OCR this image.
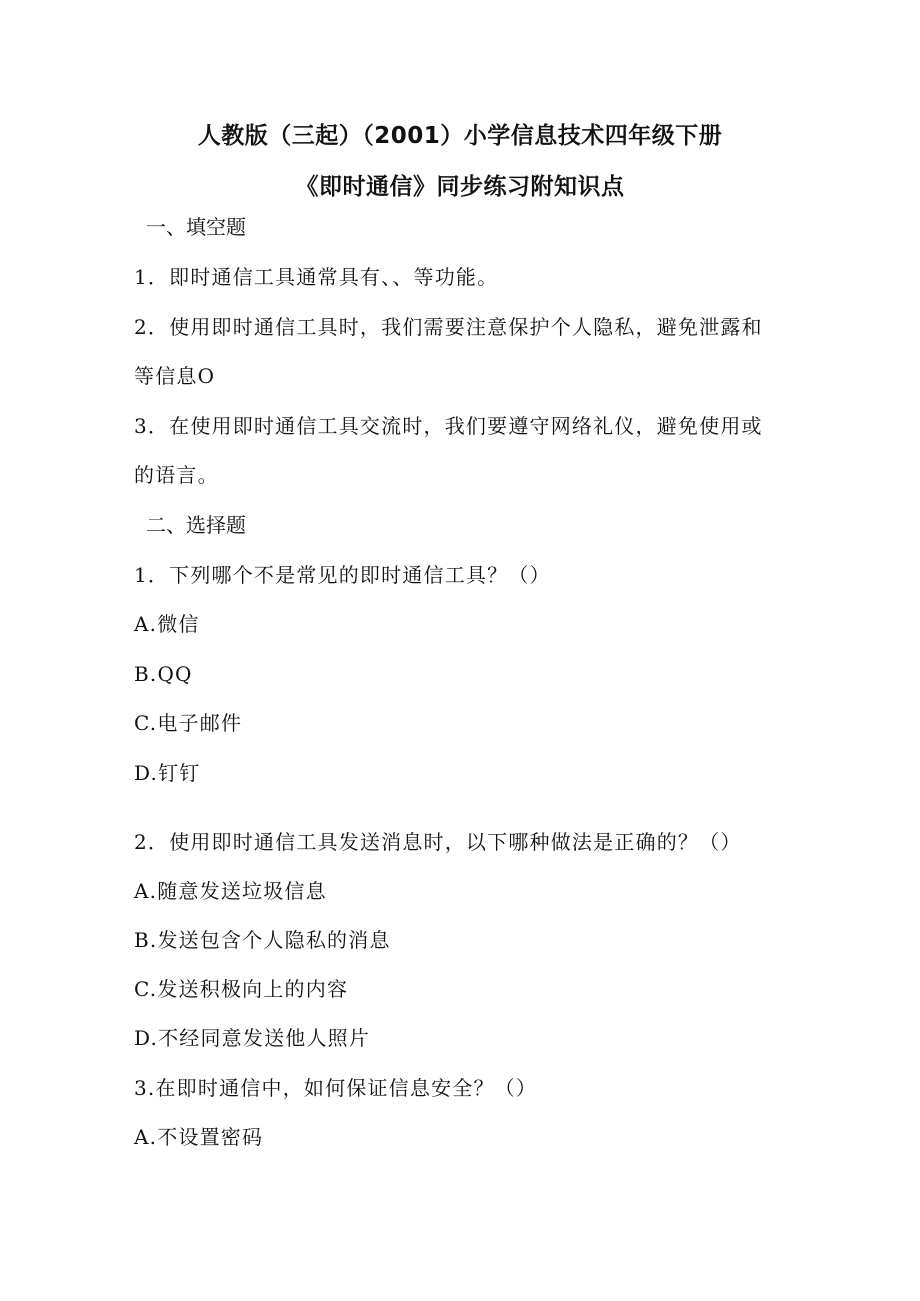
人教版（三起）（2001）小学信息技术四年级下册
《即时通信》同步练习附知识点
一、填空题
1．即时通信工具通常具有、、等功能。
2．使用即时通信工具时，我们需要注意保护个人隐私，避免泄露和
等信息O
3．在使用即时通信工具交流时，我们要遵守网络礼仪，避免使用或
的语言。
二、选择题
1．下列哪个不是常见的即时通信工具？（）
A.微信
B.QQ
C.电子邮件
D.钉钉
2．使用即时通信工具发送消息时，以下哪种做法是正确的？（）
A.随意发送垃圾信息
B.发送包含个人隐私的消息
C.发送积极向上的内容
D.不经同意发送他人照片
3.在即时通信中，如何保证信息安全？（）
A.不设置密码
